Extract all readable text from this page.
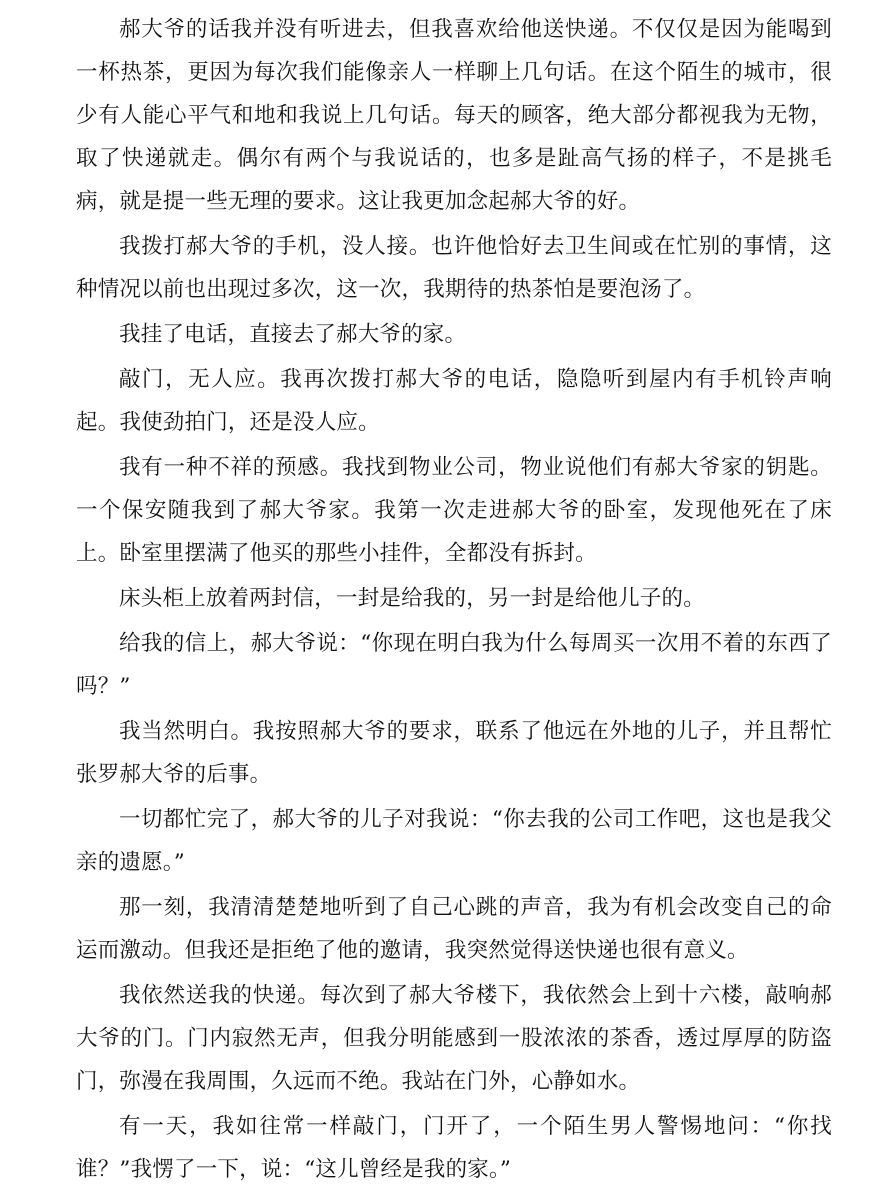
郝大爷的话我并没有听进去，但我喜欢给他送快递。不仅仅是因为能喝到一杯热茶，更因为每次我们能像亲人一样聊上几句话。在这个陌生的城市，很少有人能心平气和地和我说上几句话。每天的顾客，绝大部分都视我为无物，取了快递就走。偶尔有两个与我说话的，也多是趾高气扬的样子，不是挑毛病，就是提一些无理的要求。这让我更加念起郝大爷的好。

我拨打郝大爷的手机，没人接。也许他恰好去卫生间或在忙别的事情，这种情况以前也出现过多次，这一次，我期待的热茶怕是要泡汤了。

我挂了电话，直接去了郝大爷的家。

敲门，无人应。我再次拨打郝大爷的电话，隐隐听到屋内有手机铃声响起。我使劲拍门，还是没人应。

我有一种不祥的预感。我找到物业公司，物业说他们有郝大爷家的钥匙。一个保安随我到了郝大爷家。我第一次走进郝大爷的卧室，发现他死在了床上。卧室里摆满了他买的那些小挂件，全都没有拆封。

床头柜上放着两封信，一封是给我的，另一封是给他儿子的。

给我的信上，郝大爷说：“你现在明白我为什么每周买一次用不着的东西了吗？”

我当然明白。我按照郝大爷的要求，联系了他远在外地的儿子，并且帮忙张罗郝大爷的后事。

一切都忙完了，郝大爷的儿子对我说：“你去我的公司工作吧，这也是我父亲的遗愿。”

那一刻，我清清楚楚地听到了自己心跳的声音，我为有机会改变自己的命运而激动。但我还是拒绝了他的邀请，我突然觉得送快递也很有意义。

我依然送我的快递。每次到了郝大爷楼下，我依然会上到十六楼，敲响郝大爷的门。门内寂然无声，但我分明能感到一股浓浓的茶香，透过厚厚的防盗门，弥漫在我周围，久远而不绝。我站在门外，心静如水。

有一天，我如往常一样敲门，门开了，一个陌生男人警惕地问：“你找谁？”我愣了一下，说：“这儿曾经是我的家。”
